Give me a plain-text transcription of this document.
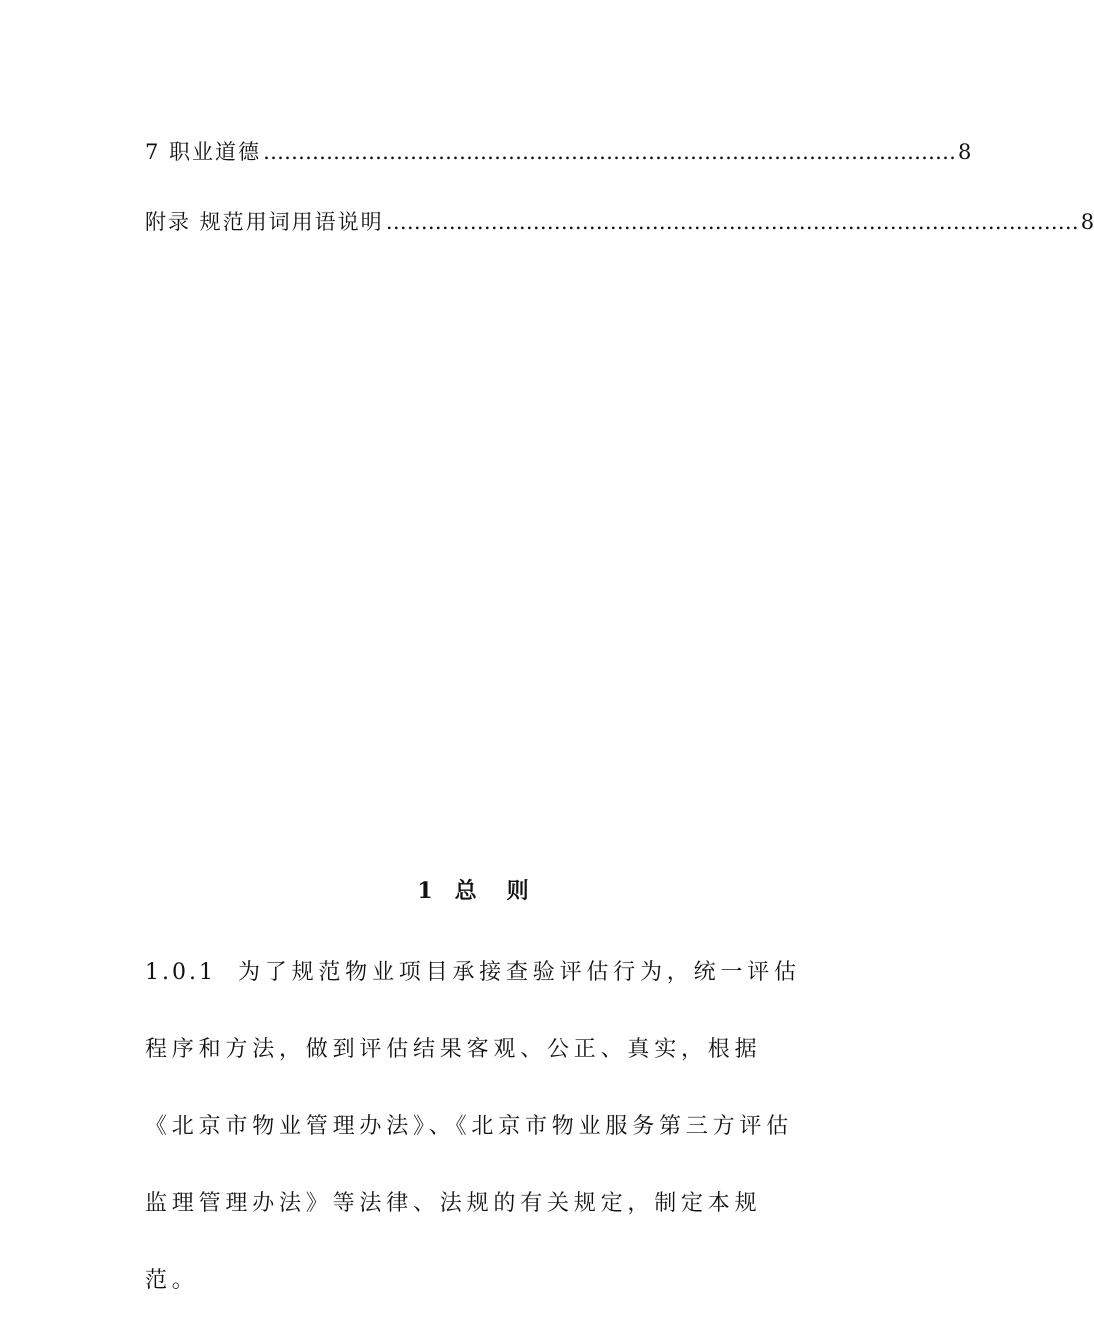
7 职业道德 ……………………………………………………………………………………… 8
附录 规范用词用语说明 ……………………………………………………………………………………… 8
1 总　则

1.0.1 为了规范物业项目承接查验评估行为，统一评估程序和方法，做到评估结果客观、公正、真实，根据《北京市物业管理办法》、《北京市物业服务第三方评估监理管理办法》等法律、法规的有关规定，制定本规范。
